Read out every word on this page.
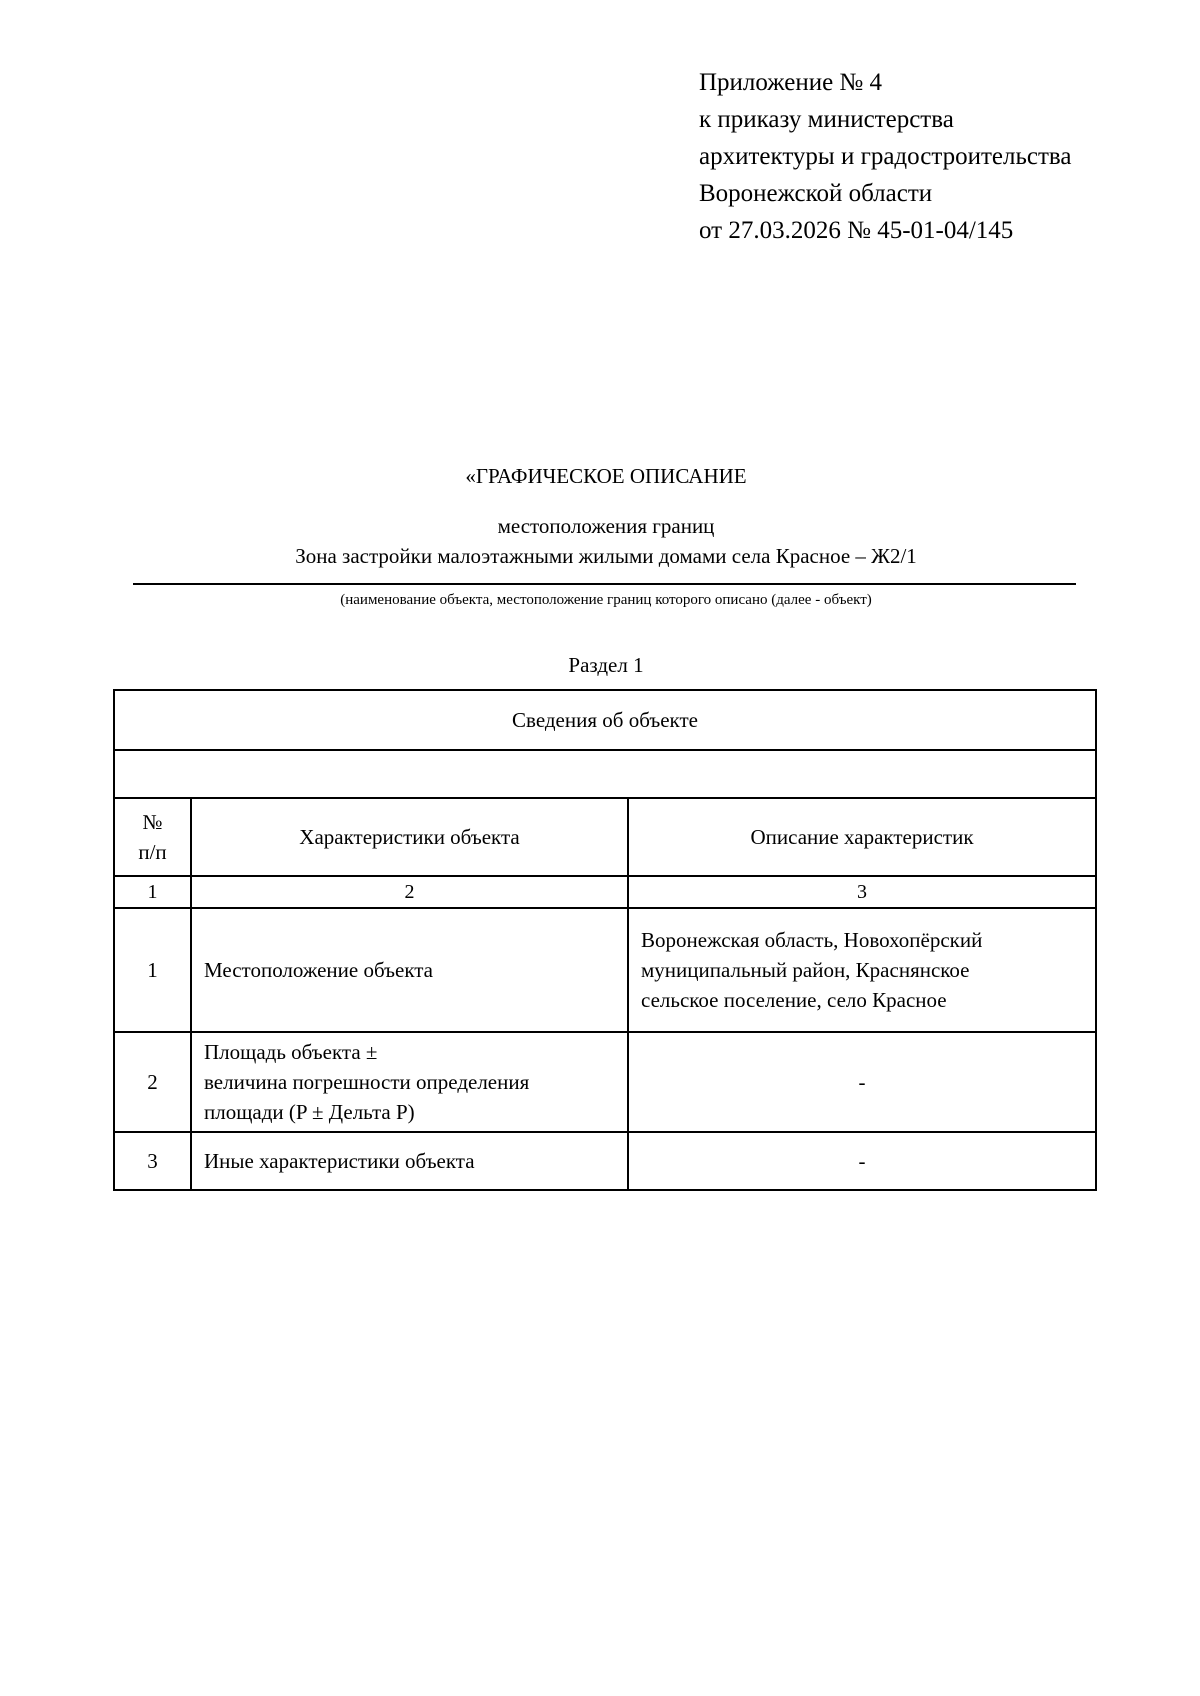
Приложение № 4
к приказу министерства
архитектуры и градостроительства
Воронежской области
от 27.03.2026 № 45-01-04/145
«ГРАФИЧЕСКОЕ ОПИСАНИЕ
местоположения границ
Зона застройки малоэтажными жилыми домами села Красное – Ж2/1
(наименование объекта, местоположение границ которого описано (далее - объект)
Раздел 1
Сведения об объекте		

№
п/п	Характеристики объекта	Описание характеристик
1	2	3
1	Местоположение объекта	Воронежская область, Новохопёрский
муниципальный район, Краснянское
сельское поселение, село Красное

2	Площадь объекта ±
величина погрешности определения
площади (P ± Дельта P)	-
3	Иные характеристики объекта	-
